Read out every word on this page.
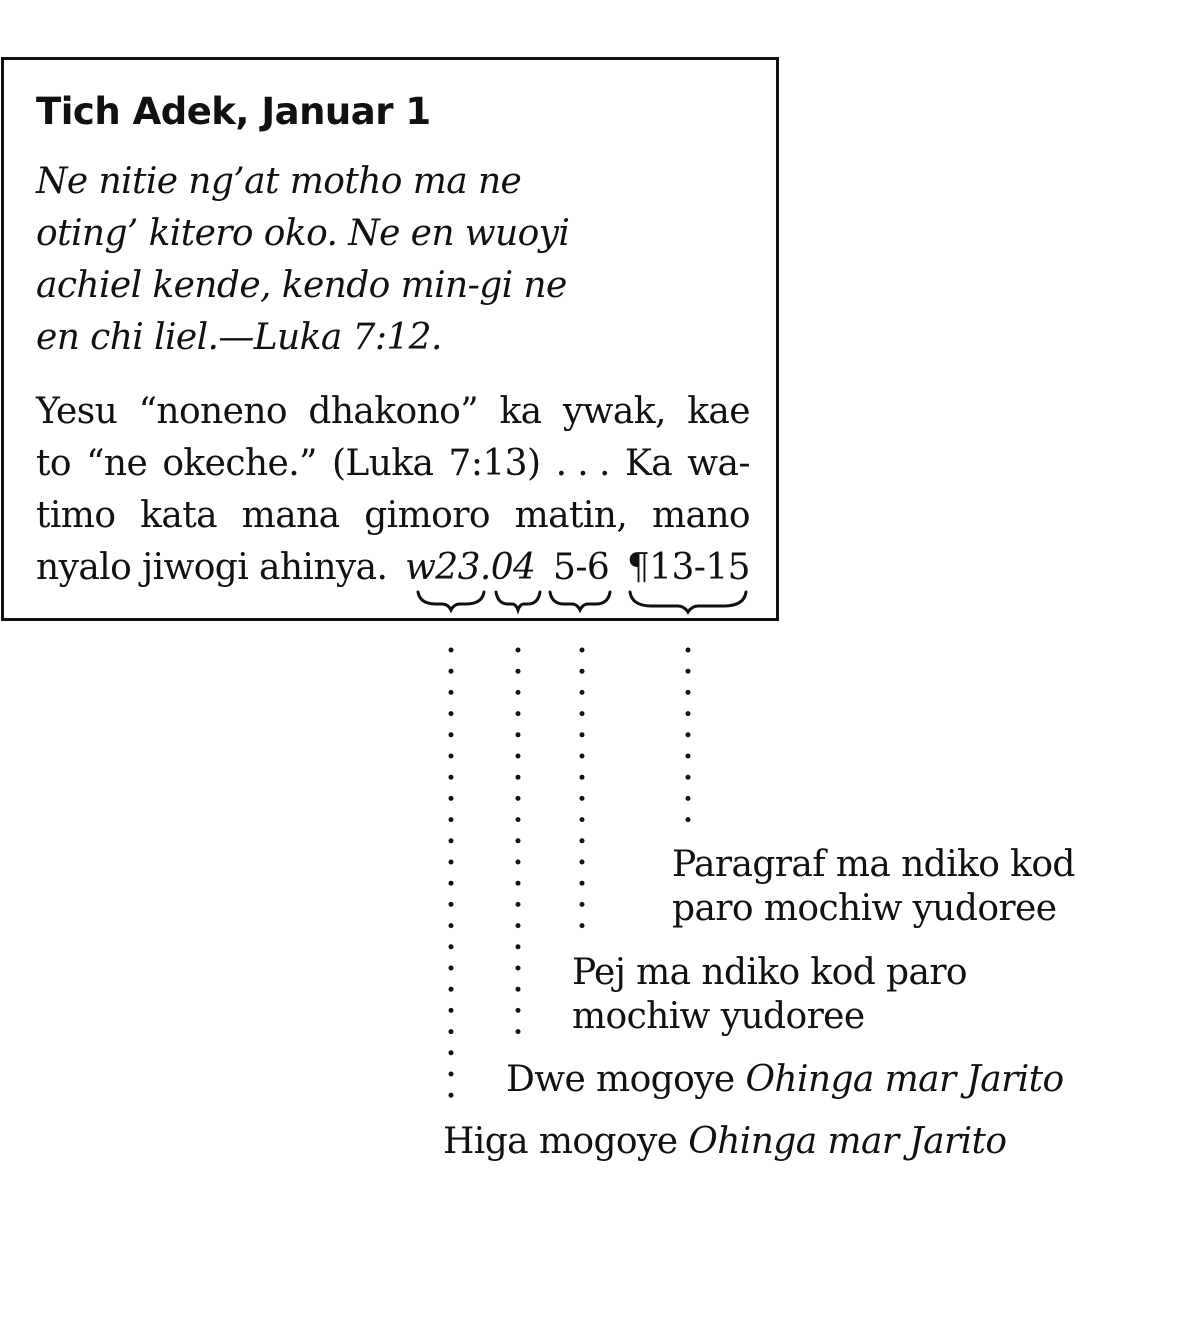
Tich Adek, Januar 1
Ne nitie ng’at motho ma ne
oting’ kitero oko. Ne en wuoyi
achiel kende, kendo min-gi ne
en chi liel.—Luka 7:12.
Yesu “noneno dhakono” ka ywak, kae
to “ne okeche.” (Luka 7:13) . . . Ka wa-
timo kata mana gimoro matin, mano
nyalo jiwogi ahinya. w23.04 5-6 ¶13-15
Paragraf ma ndiko kod
paro mochiw yudoree
Pej ma ndiko kod paro
mochiw yudoree
Dwe mogoye Ohinga mar Jarito
Higa mogoye Ohinga mar Jarito
